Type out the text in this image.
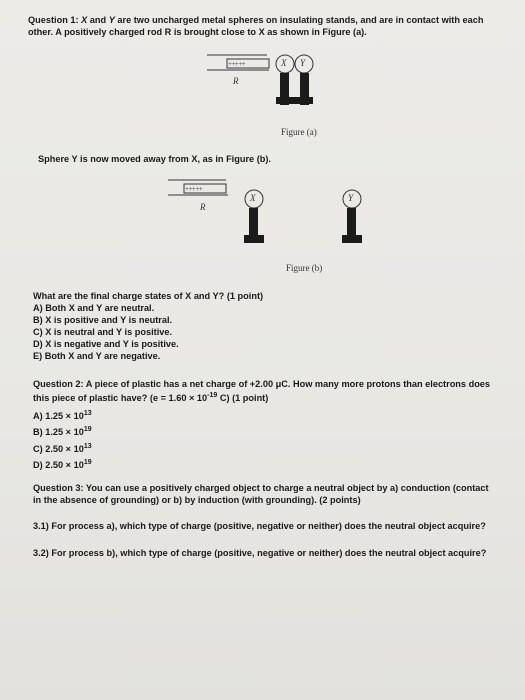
Question 1: X and Y are two uncharged metal spheres on insulating stands, and are in contact with each
other. A positively charged rod R is brought close to X as shown in Figure (a).
+++++	X Y
R
Figure (a)
Sphere Y is now moved away from X, as in Figure (b).
+++++
X	Y
R
Figure (b)
What are the final charge states of X and Y? (1 point)
A) Both X and Y are neutral.
B) X is positive and Y is neutral.
C) X is neutral and Y is positive.
D) X is negative and Y is positive.
E) Both X and Y are negative.
Question 2: A piece of plastic has a net charge of +2.00 μC. How many more protons than electrons does
this piece of plastic have? ($e = 1.60 \times 10^{-19}$ C) (1 point)
A) $1.25 \times 10^{13}$
B) $1.25 \times 10^{19}$
C) $2.50 \times 10^{13}$
D) $2.50 \times 10^{19}$
Question 3: You can use a positively charged object to charge a neutral object by a) conduction (contact
in the absence of grounding) or b) by induction (with grounding). (2 points)
3.1) For process a), which type of charge (positive, negative or neither) does the neutral object acquire?
3.2) For process b), which type of charge (positive, negative or neither) does the neutral object acquire?
